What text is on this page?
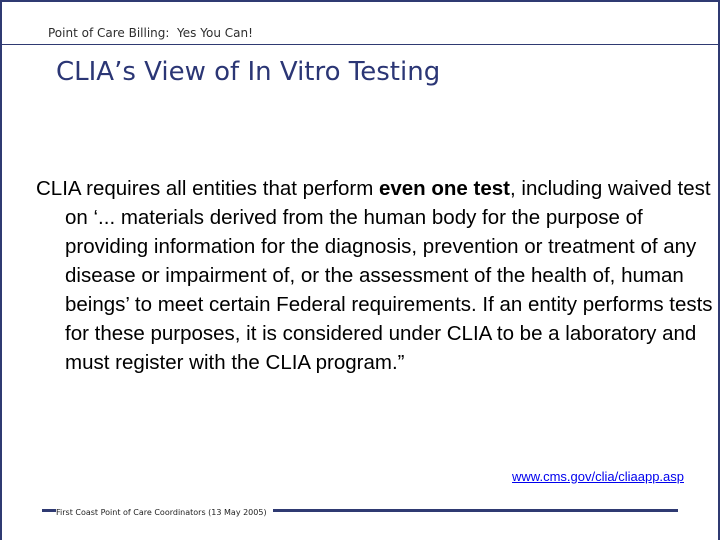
Point of Care Billing:  Yes You Can!
CLIA’s View of In Vitro Testing

CLIA requires all entities that perform even one test, including waived test on ‘... materials derived from the human body for the purpose of providing information for the diagnosis, prevention or treatment of any disease or impairment of, or the assessment of the health of, human beings’ to meet certain Federal requirements. If an entity performs tests for these purposes, it is considered under CLIA to be a laboratory and must register with the CLIA program.”

www.cms.gov/clia/cliaapp.asp
First Coast Point of Care Coordinators (13 May 2005)
